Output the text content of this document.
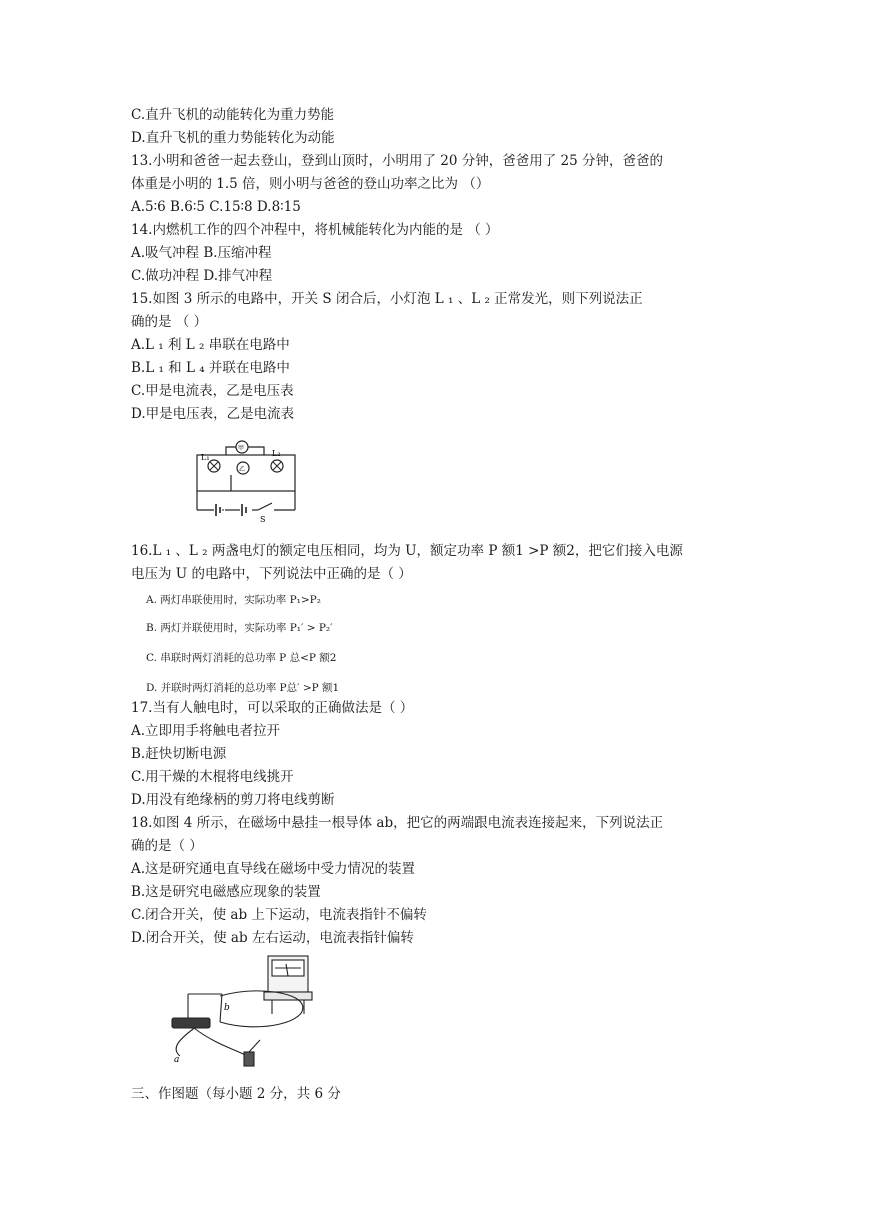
C.直升飞机的动能转化为重力势能
D.直升飞机的重力势能转化为动能
13.小明和爸爸一起去登山，登到山顶时，小明用了 20 分钟，爸爸用了 25 分钟，爸爸的
体重是小明的 1.5 倍，则小明与爸爸的登山功率之比为 （）
A.5∶6 B.6∶5 C.15∶8 D.8∶15
14.内燃机工作的四个冲程中，将机械能转化为内能的是 （ ）
A.吸气冲程 B.压缩冲程
C.做功冲程 D.排气冲程
15.如图 3 所示的电路中，开关 S 闭合后，小灯泡 L ₁ 、L ₂ 正常发光，则下列说法正
确的是 （ ）
A.L ₁ 利 L ₂ 串联在电路中
B.L ₁ 和 L ₄ 并联在电路中
C.甲是电流表，乙是电压表
D.甲是电压表，乙是电流表
L₁	L₂
甲
乙
S
16.L ₁ 、L ₂ 两盏电灯的额定电压相同，均为 U，额定功率 P 额1 >P 额2，把它们接入电源
电压为 U 的电路中，下列说法中正确的是（ ）
A. 两灯串联使用时，实际功率 P₁>P₂
B. 两灯并联使用时，实际功率 P₁′ > P₂′
C. 串联时两灯消耗的总功率 P 总<P 额2
D. 并联时两灯消耗的总功率 P总′ >P 额1
17.当有人触电时，可以采取的正确做法是（ ）
A.立即用手将触电者拉开
B.赶快切断电源
C.用干燥的木棍将电线挑开
D.用没有绝缘柄的剪刀将电线剪断
18.如图 4 所示，在磁场中悬挂一根导体 ab，把它的两端跟电流表连接起来，下列说法正
确的是（ ）
A.这是研究通电直导线在磁场中受力情况的装置
B.这是研究电磁感应现象的装置
C.闭合开关，使 ab 上下运动，电流表指针不偏转
D.闭合开关，使 ab 左右运动，电流表指针偏转
b
a
三、作图题（每小题 2 分，共 6 分
